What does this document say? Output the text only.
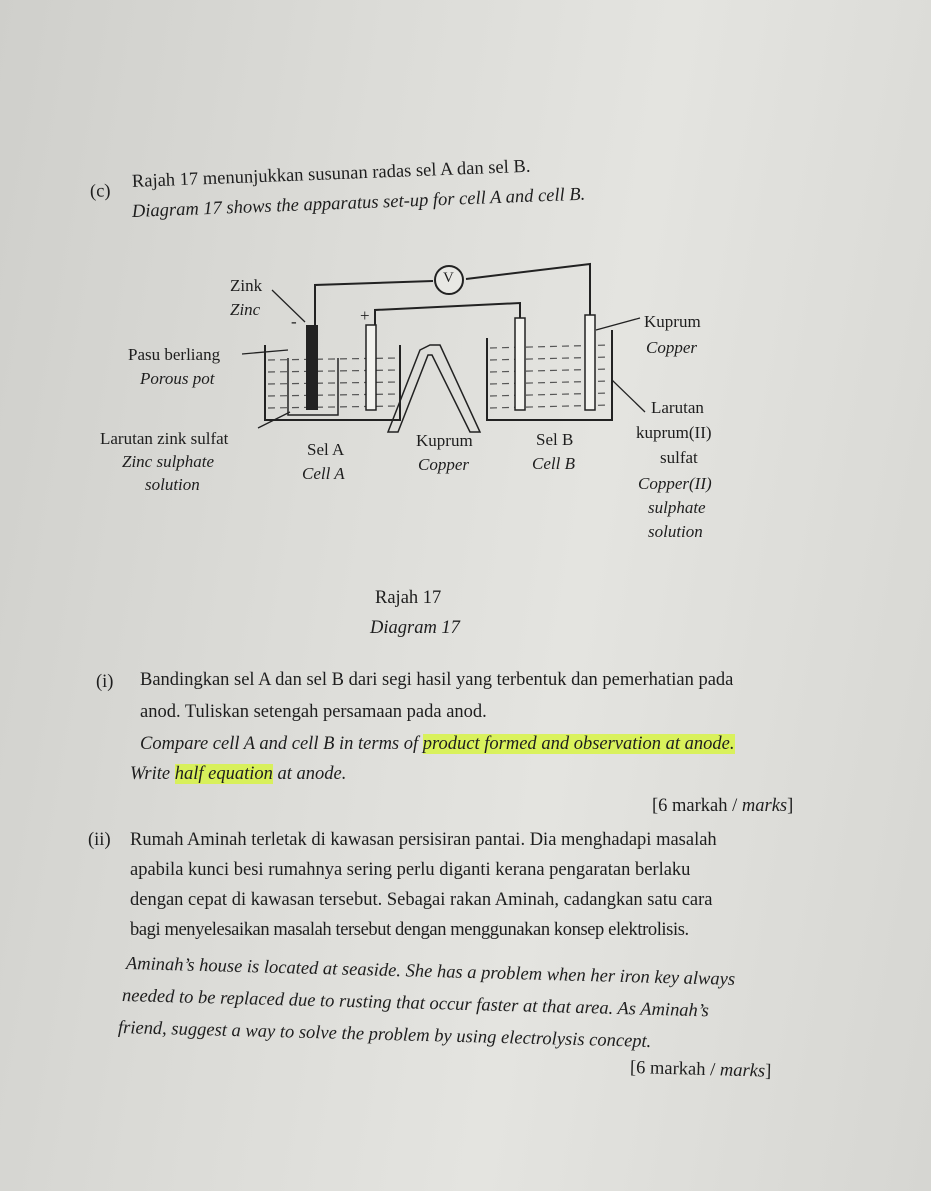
(c) Rajah 17 menunjukkan susunan radas sel A dan sel B.
Diagram 17 shows the apparatus set-up for cell A and cell B.
V
-	+
Zink
Zinc
Pasu berliang
Porous pot
Larutan zink sulfat
Zinc sulphate
solution
Sel A
Cell A
Kuprum
Copper
Sel B
Cell B
Kuprum
Copper
Larutan
kuprum(II)
sulfat
Copper(II)
sulphate
solution
Rajah 17
Diagram 17
(i) Bandingkan sel A dan sel B dari segi hasil yang terbentuk dan pemerhatian pada
anod. Tuliskan setengah persamaan pada anod.
Compare cell A and cell B in terms of product formed and observation at anode.
Write half equation at anode.
[6 markah / marks]
(ii) Rumah Aminah terletak di kawasan persisiran pantai. Dia menghadapi masalah
apabila kunci besi rumahnya sering perlu diganti kerana pengaratan berlaku
dengan cepat di kawasan tersebut. Sebagai rakan Aminah, cadangkan satu cara
bagi menyelesaikan masalah tersebut dengan menggunakan konsep elektrolisis.
Aminah’s house is located at seaside. She has a problem when her iron key always
needed to be replaced due to rusting that occur faster at that area. As Aminah’s
friend, suggest a way to solve the problem by using electrolysis concept.
[6 markah / marks]
